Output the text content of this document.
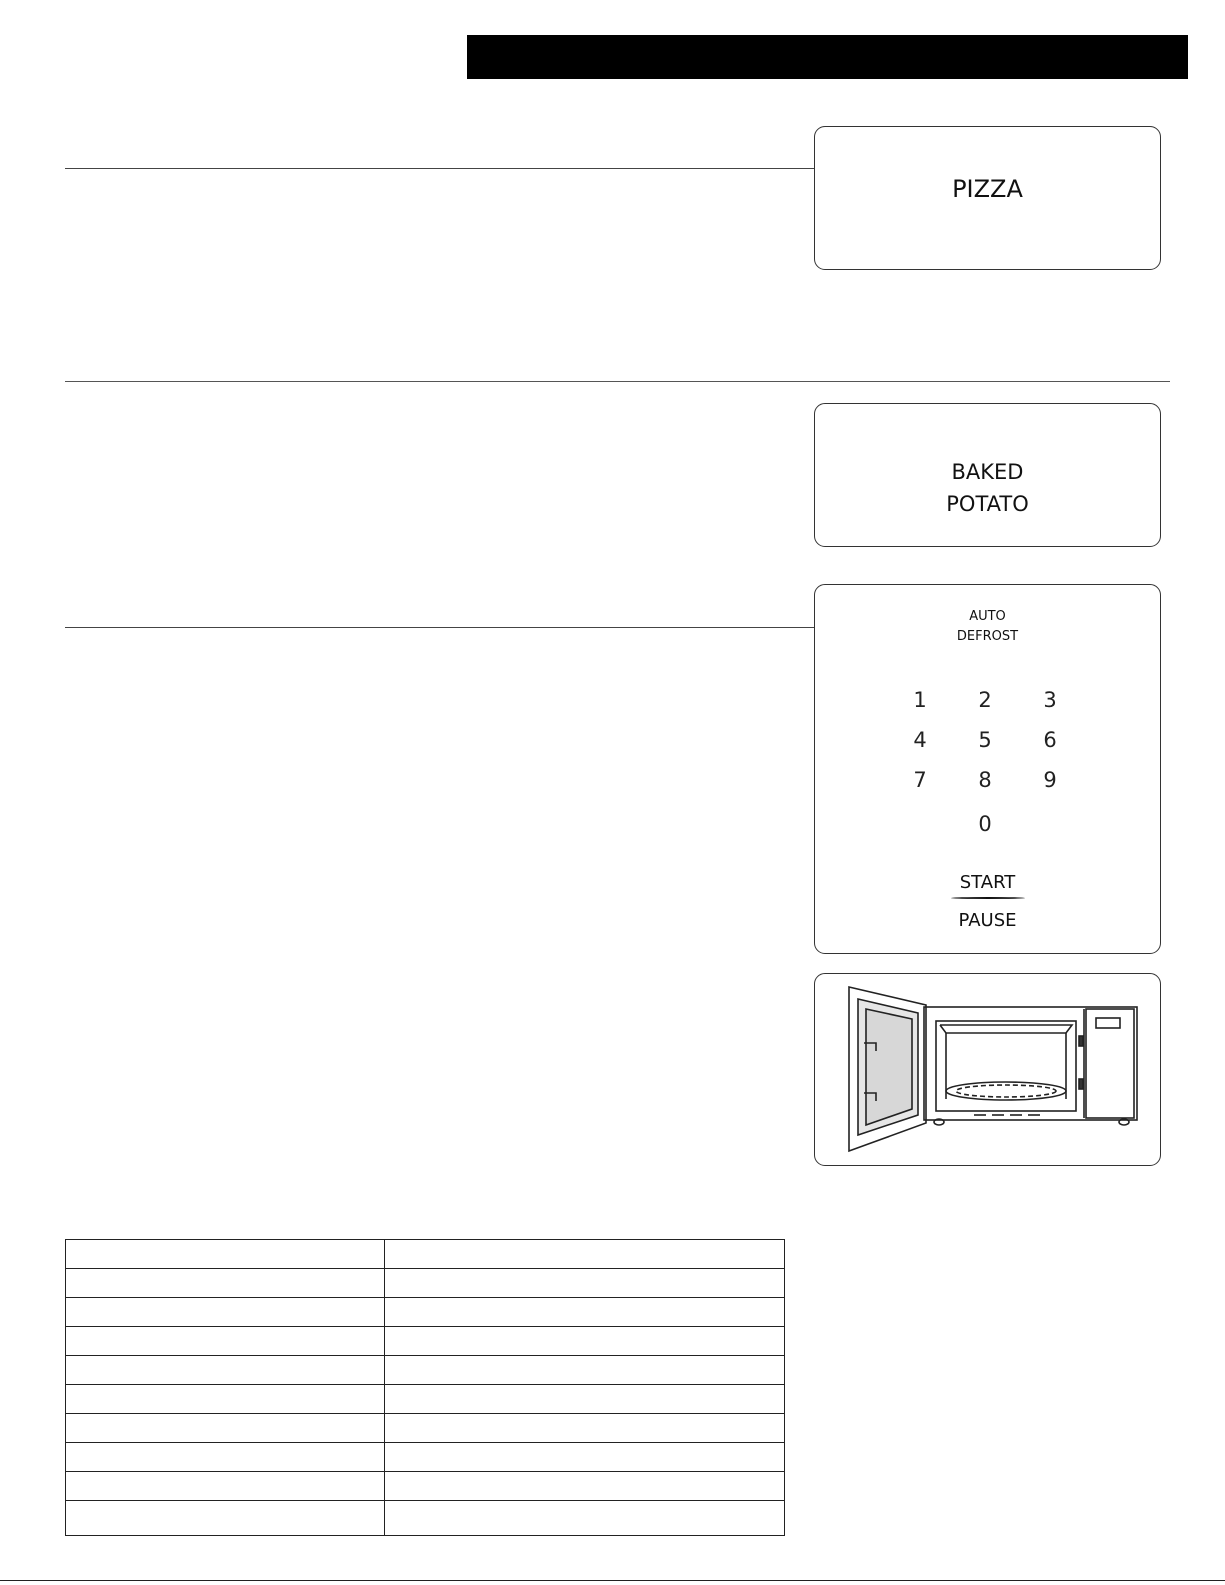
pizza
baked
potato
auto
defrost
1	2	3
4	5	6
7	8	9
0
start
pause
